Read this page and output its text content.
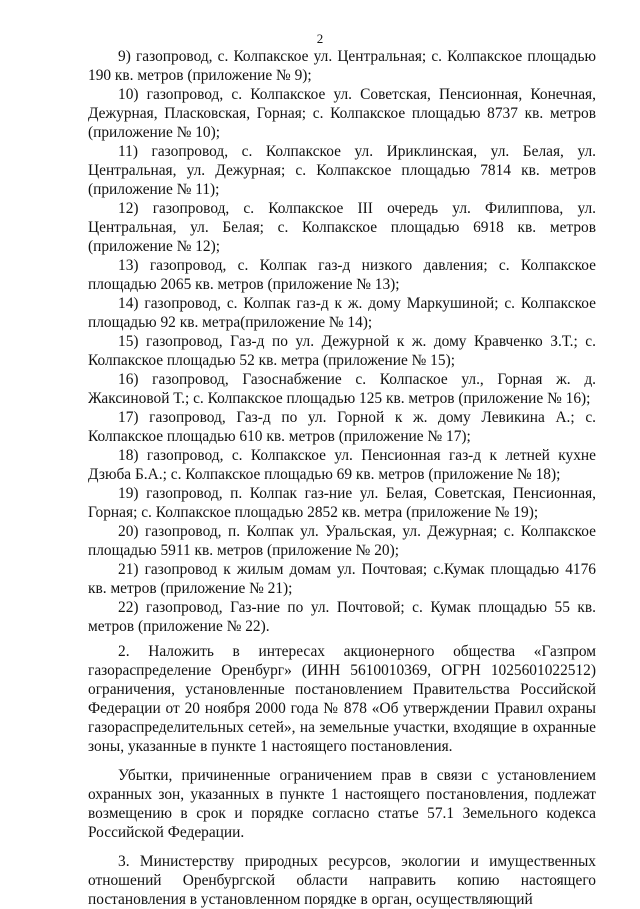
2

9) газопровод, с. Колпакское ул. Центральная; с. Колпакское площадью 190 кв. метров (приложение № 9);

10) газопровод, с. Колпакское ул. Советская, Пенсионная, Конечная, Дежурная, Пласковская, Горная; с. Колпакское площадью 8737 кв. метров (приложение № 10);

11) газопровод, с. Колпакское ул. Ириклинская, ул. Белая, ул. Центральная, ул. Дежурная; с. Колпакское площадью 7814 кв. метров (приложение № 11);

12) газопровод, с. Колпакское III очередь ул. Филиппова, ул. Центральная, ул. Белая; с. Колпакское площадью 6918 кв. метров (приложение № 12);

13) газопровод, с. Колпак газ-д низкого давления; с. Колпакское площадью 2065 кв. метров (приложение № 13);

14) газопровод, с. Колпак газ-д к ж. дому Маркушиной; с. Колпакское площадью 92 кв. метра(приложение № 14);

15) газопровод, Газ-д по ул. Дежурной к ж. дому Кравченко З.Т.; с. Колпакское площадью 52 кв. метра (приложение № 15);

16) газопровод, Газоснабжение с. Колпаское ул., Горная ж. д. Жаксиновой Т.; с. Колпакское площадью 125 кв. метров (приложение № 16);

17) газопровод, Газ-д по ул. Горной к ж. дому Левикина А.; с. Колпакское площадью 610 кв. метров (приложение № 17);

18) газопровод, с. Колпакское ул. Пенсионная газ-д к летней кухне Дзюба Б.А.; с. Колпакское площадью 69 кв. метров (приложение № 18);

19) газопровод, п. Колпак газ-ние ул. Белая, Советская, Пенсионная, Горная; с. Колпакское площадью 2852 кв. метра (приложение № 19);

20) газопровод, п. Колпак ул. Уральская, ул. Дежурная; с. Колпакское площадью 5911 кв. метров (приложение № 20);

21) газопровод к жилым домам ул. Почтовая; с.Кумак площадью 4176 кв. метров (приложение № 21);

22) газопровод, Газ-ние по ул. Почтовой; с. Кумак площадью 55 кв. метров (приложение № 22).

2. Наложить в интересах акционерного общества «Газпром газораспределение Оренбург» (ИНН 5610010369, ОГРН 1025601022512) ограничения, установленные постановлением Правительства Российской Федерации от 20 ноября 2000 года № 878 «Об утверждении Правил охраны газораспределительных сетей», на земельные участки, входящие в охранные зоны, указанные в пункте 1 настоящего постановления.

Убытки, причиненные ограничением прав в связи с установлением охранных зон, указанных в пункте 1 настоящего постановления, подлежат возмещению в срок и порядке согласно статье 57.1 Земельного кодекса Российской Федерации.

3. Министерству природных ресурсов, экологии и имущественных отношений Оренбургской области направить копию настоящего постановления в установленном порядке в орган, осуществляющий
